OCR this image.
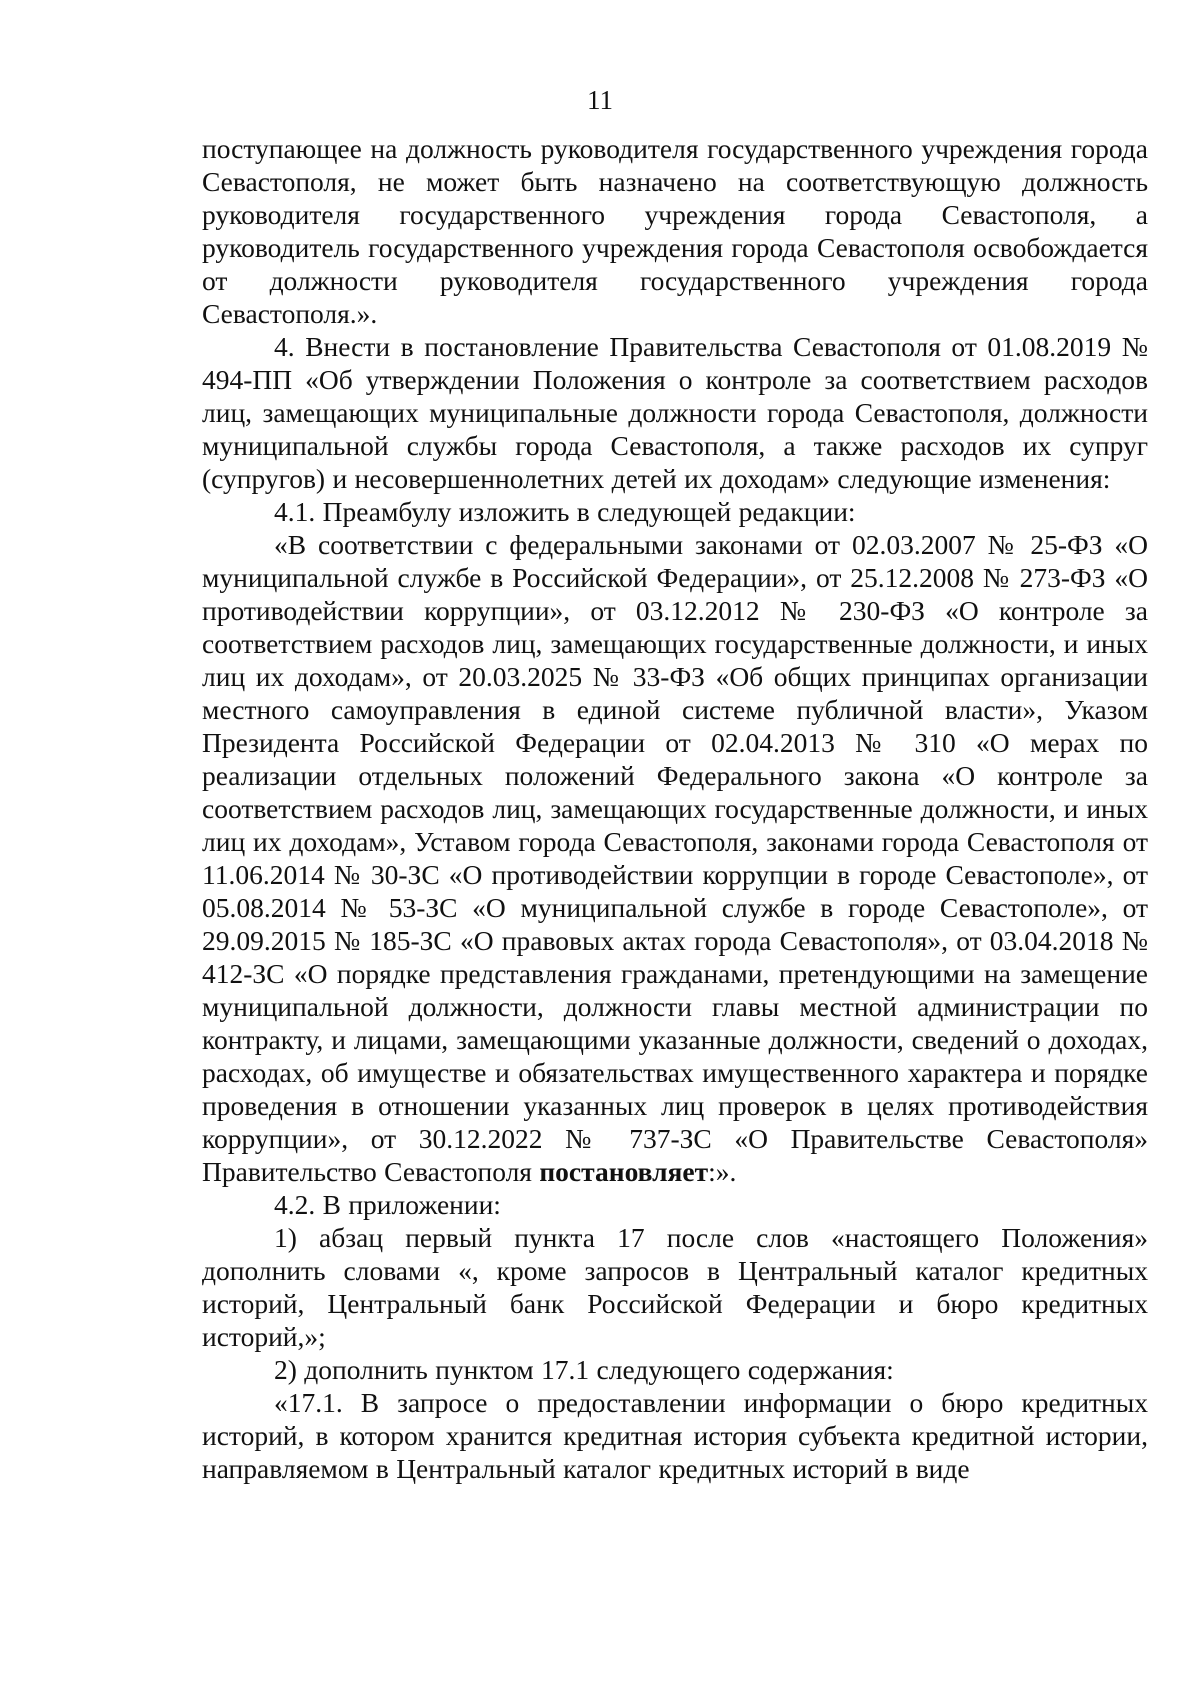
11

поступающее на должность руководителя государственного учреждения города Севастополя, не может быть назначено на соответствующую должность руководителя государственного учреждения города Севастополя, а руководитель государственного учреждения города Севастополя освобождается от должности руководителя государственного учреждения города Севастополя.».

4. Внести в постановление Правительства Севастополя от 01.08.2019 № 494-ПП «Об утверждении Положения о контроле за соответствием расходов лиц, замещающих муниципальные должности города Севастополя, должности муниципальной службы города Севастополя, а также расходов их супруг (супругов) и несовершеннолетних детей их доходам» следующие изменения:

4.1. Преамбулу изложить в следующей редакции:

«В соответствии с федеральными законами от 02.03.2007 № 25-ФЗ «О муниципальной службе в Российской Федерации», от 25.12.2008 № 273-ФЗ «О противодействии коррупции», от 03.12.2012 № 230-ФЗ «О контроле за соответствием расходов лиц, замещающих государственные должности, и иных лиц их доходам», от 20.03.2025 № 33-ФЗ «Об общих принципах организации местного самоуправления в единой системе публичной власти», Указом Президента Российской Федерации от 02.04.2013 № 310 «О мерах по реализации отдельных положений Федерального закона «О контроле за соответствием расходов лиц, замещающих государственные должности, и иных лиц их доходам», Уставом города Севастополя, законами города Севастополя от 11.06.2014 № 30-ЗС «О противодействии коррупции в городе Севастополе», от 05.08.2014 № 53-ЗС «О муниципальной службе в городе Севастополе», от 29.09.2015 № 185-ЗС «О правовых актах города Севастополя», от 03.04.2018 № 412-ЗС «О порядке представления гражданами, претендующими на замещение муниципальной должности, должности главы местной администрации по контракту, и лицами, замещающими указанные должности, сведений о доходах, расходах, об имуществе и обязательствах имущественного характера и порядке проведения в отношении указанных лиц проверок в целях противодействия коррупции», от 30.12.2022 № 737-ЗС «О Правительстве Севастополя» Правительство Севастополя постановляет:».

4.2. В приложении:

1) абзац первый пункта 17 после слов «настоящего Положения» дополнить словами «, кроме запросов в Центральный каталог кредитных историй, Центральный банк Российской Федерации и бюро кредитных историй,»;

2) дополнить пунктом 17.1 следующего содержания:

«17.1. В запросе о предоставлении информации о бюро кредитных историй, в котором хранится кредитная история субъекта кредитной истории, направляемом в Центральный каталог кредитных историй в виде
